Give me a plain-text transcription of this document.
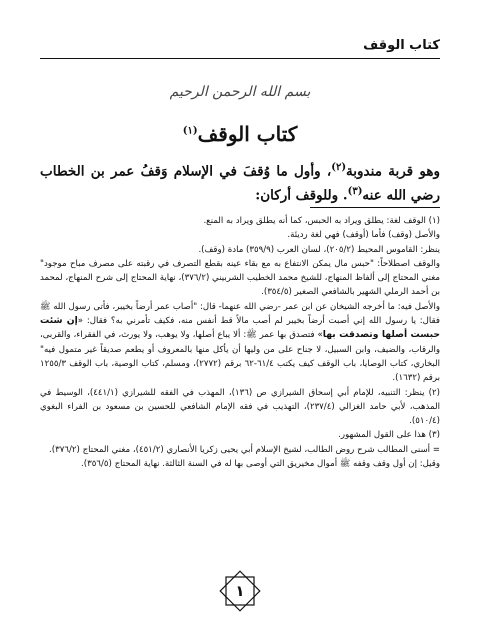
كتاب الوقف
بسم الله الرحمن الرحيم
كتاب الوقف$^{(١)}$
وهو قربة مندوبة$^{(٢)}$، وأول ما وُقفَ في الإسلام وَقفُ عمر بن الخطاب رضي الله عنه$^{(٣)}$. وللوقف أركان:

(١) الوقف لغة: يطلق ويراد به الحبس، كما أنه يطلق ويراد به المنع.

والأصل (وقف) فأما (أوقف) فهي لغة رديئة.

ينظر: القاموس المحيط (٢٠٥/٢)، لسان العرب (٣٥٩/٩) مادة (وقف).

والوقف اصطلاحاً: "حبس مال يمكن الانتفاع به مع بقاء عينه بقطع التصرف في رقبته على مصرف مباح موجود" مغني المحتاج إلى ألفاظ المنهاج، للشيخ محمد الخطيب الشربيني (٣٧٦/٢)، نهاية المحتاج إلى شرح المنهاج، لمحمد بن أحمد الرملي الشهير بالشافعي الصغير (٣٥٤/٥).

والأصل فيه: ما أخرجه الشيخان عن ابن عمر -رضي الله عنهما- قال: "أصاب عمر أرضاً بخيبر، فأتى رسول الله ﷺ فقال: يا رسول الله إني أصبت أرضاً بخيبر لم أصب مالاً قط أنفس منه، فكيف تأمرني به؟ فقال: «إن شئت حبست أصلها وتصدقت بها» فتصدق بها عمر ﷺ: ألا يباع أصلها، ولا يوهب، ولا يورث، في الفقراء، والقربى، والرقاب، والضيف، وابن السبيل، لا جناح على من وليها أن يأكل منها بالمعروف أو يطعم صديقاً غير متمول فيه" البخاري، كتاب الوصايا، باب الوقف كيف يكتب ٦١/٤-٦٢ برقم (٢٧٧٢)، ومسلم، كتاب الوصية، باب الوقف ١٢٥٥/٣ برقم (١٦٣٢).

(٢) ينظر: التنبيه، للإمام أبي إسحاق الشيرازي ص (١٣٦)، المهذب في الفقه للشيرازي (٤٤١/١)، الوسيط في المذهب، لأبي حامد الغزالي (٢٣٧/٤)، التهذيب في فقه الإمام الشافعي للحسين بن مسعود بن الفراء البغوي (٥١٠/٤).

(٣) هذا على القول المشهور.

= أسنى المطالب شرح روض الطالب، لشيخ الإسلام أبي يحيى زكريا الأنصاري (٤٥١/٢)، مغني المحتاج (٣٧٦/٢).

وقيل: إن أول وقف وقفه ﷺ أموال مخيريق التي أوصى بها له في السنة الثالثة. نهاية المحتاج (٣٥٦/٥).

١
